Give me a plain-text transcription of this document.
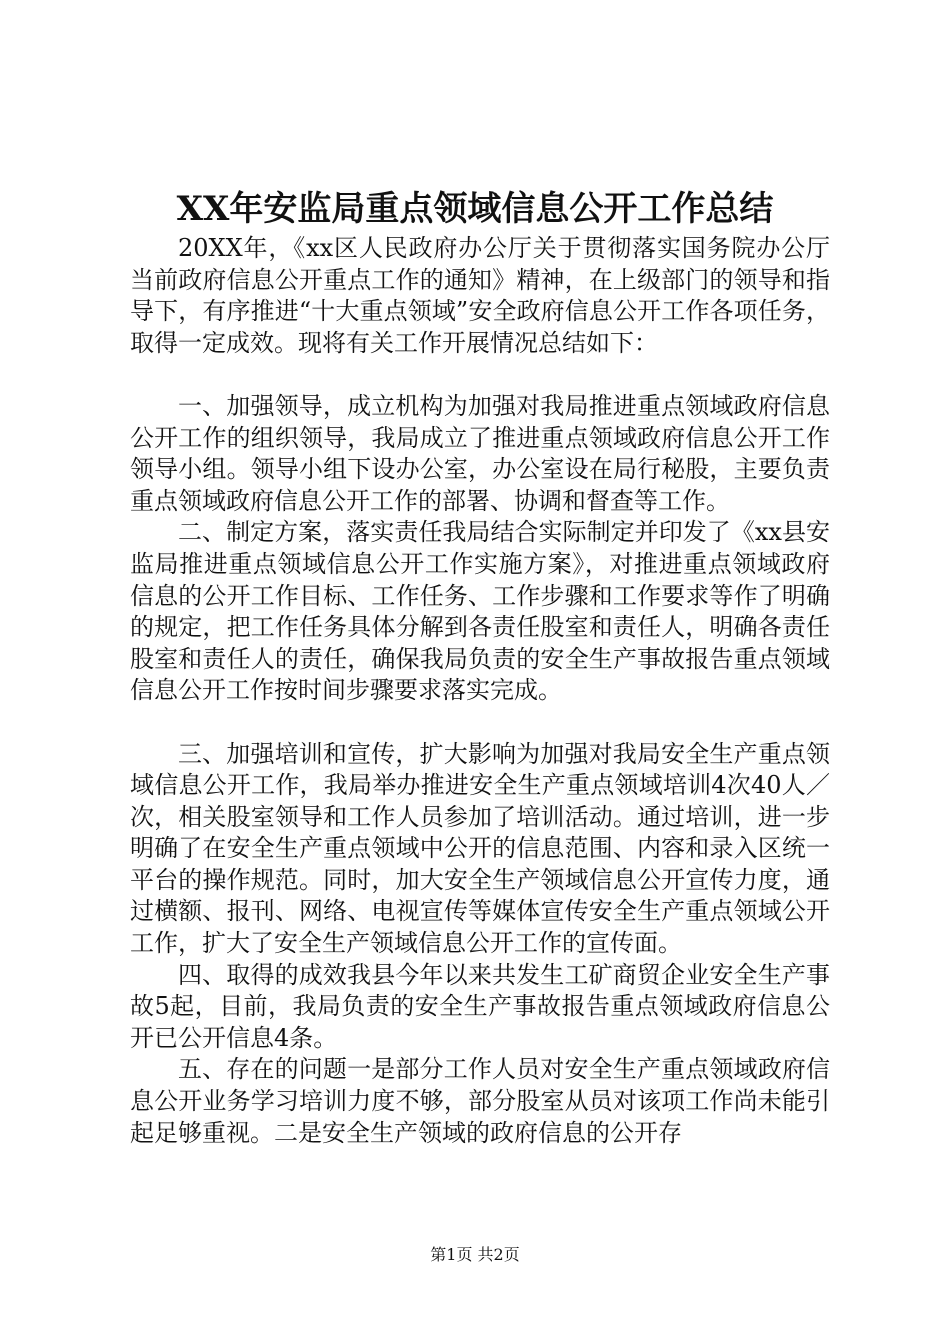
XX年安监局重点领域信息公开工作总结

20XX年，《xx区人民政府办公厅关于贯彻落实国务院办公厅当前政府信息公开重点工作的通知》精神，在上级部门的领导和指导下，有序推进“十大重点领域”安全政府信息公开工作各项任务，取得一定成效。现将有关工作开展情况总结如下：

一、加强领导，成立机构为加强对我局推进重点领域政府信息公开工作的组织领导，我局成立了推进重点领域政府信息公开工作领导小组。领导小组下设办公室，办公室设在局行秘股，主要负责重点领域政府信息公开工作的部署、协调和督查等工作。

二、制定方案，落实责任我局结合实际制定并印发了《xx县安监局推进重点领域信息公开工作实施方案》，对推进重点领域政府信息的公开工作目标、工作任务、工作步骤和工作要求等作了明确的规定，把工作任务具体分解到各责任股室和责任人，明确各责任股室和责任人的责任，确保我局负责的安全生产事故报告重点领域信息公开工作按时间步骤要求落实完成。

三、加强培训和宣传，扩大影响为加强对我局安全生产重点领域信息公开工作，我局举办推进安全生产重点领域培训4次40人／次，相关股室领导和工作人员参加了培训活动。通过培训，进一步明确了在安全生产重点领域中公开的信息范围、内容和录入区统一平台的操作规范。同时，加大安全生产领域信息公开宣传力度，通过横额、报刊、网络、电视宣传等媒体宣传安全生产重点领域公开工作，扩大了安全生产领域信息公开工作的宣传面。

四、取得的成效我县今年以来共发生工矿商贸企业安全生产事故5起，目前，我局负责的安全生产事故报告重点领域政府信息公开已公开信息4条。

五、存在的问题一是部分工作人员对安全生产重点领域政府信息公开业务学习培训力度不够，部分股室从员对该项工作尚未能引起足够重视。二是安全生产领域的政府信息的公开存

第1页 共2页
